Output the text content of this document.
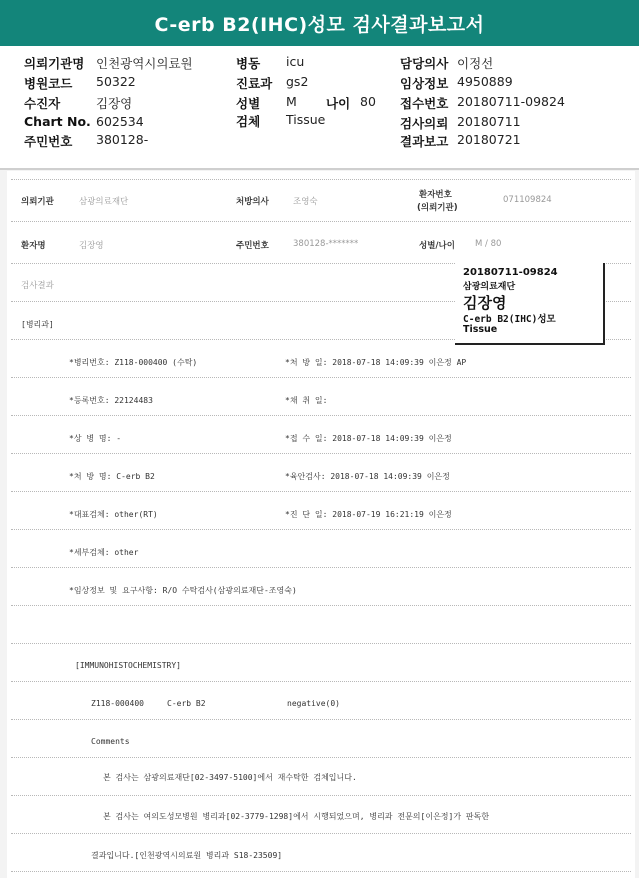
C-erb B2(IHC)성모 검사결과보고서
의뢰기관명 인천광역시의료원
병원코드 50322
수진자	김장영
Chart No. 602534
주민번호 380128-
병동 icu
진료과 gs2
성별 M 나이 80
검체 Tissue
담당의사 이정선
임상정보 4950889
접수번호 20180711-09824
검사의뢰 20180711
결과보고 20180721
의뢰기관	삼광의료재단	처방의사	조영숙
환자번호
(의뢰기관)
071109824
환자명	김장영	주민번호	380128-*******	성별/나이 M / 80
검사결과
[병리과]
*병리번호: Z118-000400 (수탁)	*처 방 일: 2018-07-18 14:09:39 이은정 AP
*등록번호: 22124483	*채 취 일:
*상 병 명: -	*접 수 일: 2018-07-18 14:09:39 이은정
*처 방 명: C-erb B2	*육안검사: 2018-07-18 14:09:39 이은정
*대표검체: other(RT)	*진 단 일: 2018-07-19 16:21:19 이은정
*세부검체: other
*임상정보 및 요구사항: R/O 수탁검사(삼광의료재단-조영숙)
[IMMUNOHISTOCHEMISTRY]
Z118-000400	C-erb B2	negative(0)
Comments
본 검사는 삼광의료재단[02-3497-5100]에서 재수탁한 검체입니다.
본 검사는 여의도성모병원 병리과[02-3779-1298]에서 시행되었으며, 병리과 전문의[이은정]가 판독한
결과입니다.[인천광역시의료원 병리과 S18-23509]
20180711-09824
삼광의료재단
김장영
C-erb B2(IHC)성모
Tissue
